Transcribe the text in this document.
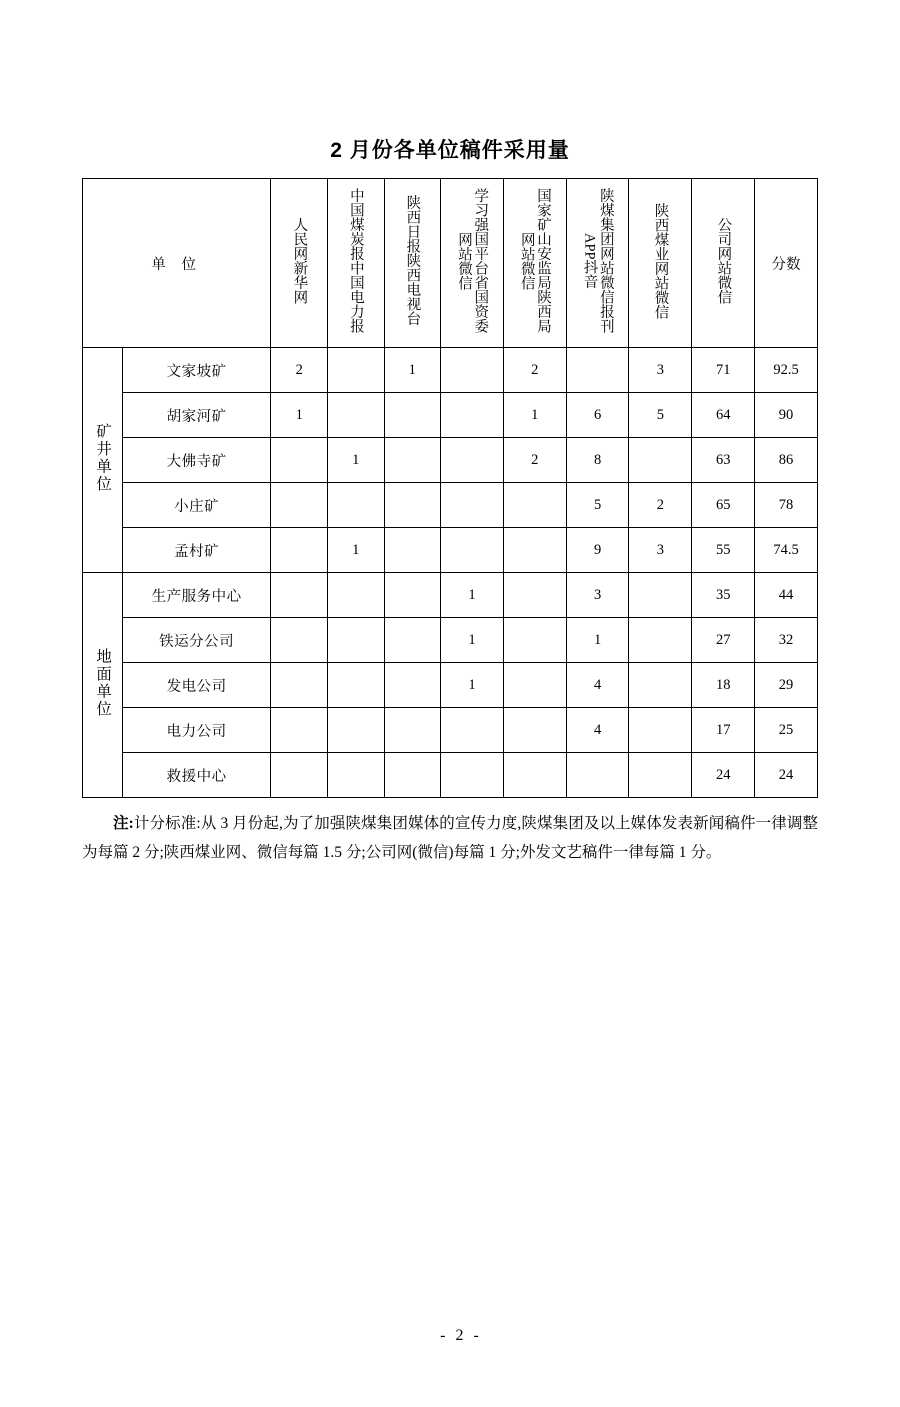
2 月份各单位稿件采用量
单 位		人民网新华网	中国煤炭报中国电力报	陕西日报陕西电视台	学习强国平台省国资委网站微信	国家矿山安监局陕西局网站微信	陕煤集团网站微信报刊APP抖音	陕西煤业网站微信	公司网站微信	分数
矿井单位	文家坡矿	2		1		2		3	71	92.5
	胡家河矿	1				1	6	5	64	90
	大佛寺矿		1			2	8		63	86
	小庄矿						5	2	65	78
	孟村矿		1				9	3	55	74.5
地面单位	生产服务中心				1		3		35	44
	铁运分公司				1		1		27	32
	发电公司				1		4		18	29
	电力公司						4		17	25
	救援中心								24	24

注:计分标准:从 3 月份起,为了加强陕煤集团媒体的宣传力度,陕煤集团及以上媒体发表新闻稿件一律调整为每篇 2 分;陕西煤业网、微信每篇 1.5 分;公司网(微信)每篇 1 分;外发文艺稿件一律每篇 1 分。

- 2 -
